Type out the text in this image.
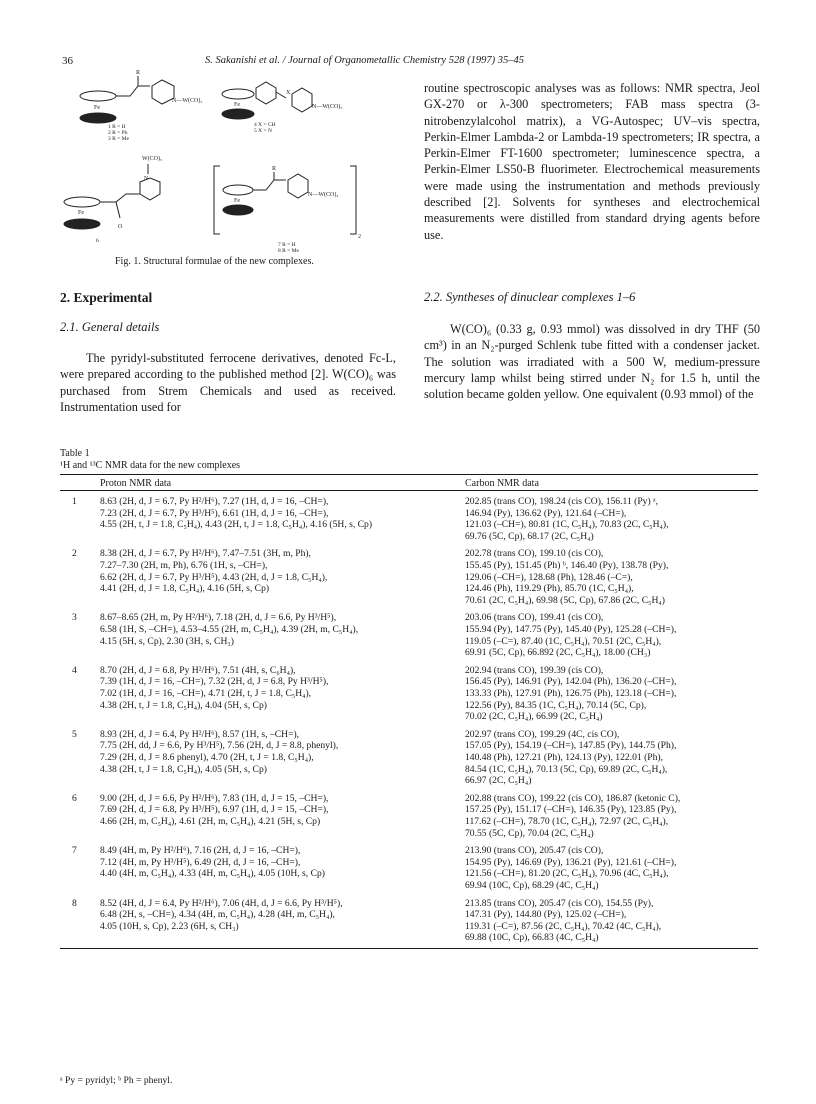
36	S. Sakanishi et al. / Journal of Organometallic Chemistry 528 (1997) 35–45
N—W(CO)₅
Fe
R
1 R = H
2 R = Ph
3 R = Me
X
N—W(CO)₅
Fe
4 X = CH
5 X = N
W(CO)₅
N
O
Fe
6
R
N—W(CO)₄
Fe
2
7 R = H
8 R = Me
Fig. 1. Structural formulae of the new complexes.

routine spectroscopic analyses was as follows: NMR spectra, Jeol GX-270 or λ-300 spectrometers; FAB mass spectra (3-nitrobenzylalcohol matrix), a VG-Autospec; UV–vis spectra, Perkin-Elmer Lambda-2 or Lambda-19 spectrometers; IR spectra, a Perkin-Elmer FT-1600 spectrometer; luminescence spectra, a Perkin-Elmer LS50-B fluorimeter. Electrochemical measurements were made using the instrumentation and methods previously described [2]. Solvents for syntheses and electrochemical measurements were distilled from standard drying agents before use.

2. Experimental
2.1. General details
2.2. Syntheses of dinuclear complexes 1–6

The pyridyl-substituted ferrocene derivatives, denoted Fc-L, were prepared according to the published method [2]. W(CO)₆ was purchased from Strem Chemicals and used as received. Instrumentation used for

W(CO)₆ (0.33 g, 0.93 mmol) was dissolved in dry THF (50 cm³) in an N₂-purged Schlenk tube fitted with a condenser jacket. The solution was irradiated with a 500 W, medium-pressure mercury lamp whilst being stirred under N₂ for 1.5 h, until the solution became golden yellow. One equivalent (0.93 mmol) of the

Table 1
¹H and ¹³C NMR data for the new complexes
Proton NMR data	Carbon NMR data
1 8.63 (2H, d, J = 6.7, Py H²/H⁶), 7.27 (1H, d, J = 16, –CH=),
7.23 (2H, d, J = 6.7, Py H³/H⁵), 6.61 (1H, d, J = 16, –CH=),
4.55 (2H, t, J = 1.8, C₅H₄), 4.43 (2H, t, J = 1.8, C₅H₄), 4.16 (5H, s, Cp)
202.85 (trans CO), 198.24 (cis CO), 156.11 (Py) ᵃ,
146.94 (Py), 136.62 (Py), 121.64 (–CH=),
121.03 (–CH=), 80.81 (1C, C₅H₄), 70.83 (2C, C₅H₄),
69.76 (5C, Cp), 68.17 (2C, C₅H₄)
2 8.38 (2H, d, J = 6.7, Py H²/H⁶), 7.47–7.51 (3H, m, Ph),
7.27–7.30 (2H, m, Ph), 6.76 (1H, s, –CH=),
6.62 (2H, d, J = 6.7, Py H³/H⁵), 4.43 (2H, d, J = 1.8, C₅H₄),
4.41 (2H, d, J = 1.8, C₅H₄), 4.16 (5H, s, Cp)
202.78 (trans CO), 199.10 (cis CO),
155.45 (Py), 151.45 (Ph) ᵇ, 146.40 (Py), 138.78 (Py),
129.06 (–CH=), 128.68 (Ph), 128.46 (–C=),
124.46 (Ph), 119.29 (Ph), 85.70 (1C, C₅H₄),
70.61 (2C, C₅H₄), 69.98 (5C, Cp), 67.86 (2C, C₅H₄)
3 8.67–8.65 (2H, m, Py H²/H⁶), 7.18 (2H, d, J = 6.6, Py H³/H⁵),
6.58 (1H, S, –CH=), 4.53–4.55 (2H, m, C₅H₄), 4.39 (2H, m, C₅H₄),
4.15 (5H, s, Cp), 2.30 (3H, s, CH₃)
203.06 (trans CO), 199.41 (cis CO),
155.94 (Py), 147.75 (Py), 145.40 (Py), 125.28 (–CH=),
119.05 (–C=), 87.40 (1C, C₅H₄), 70.51 (2C, C₅H₄),
69.91 (5C, Cp), 66.892 (2C, C₅H₄), 18.00 (CH₃)
4 8.70 (2H, d, J = 6.8, Py H²/H⁶), 7.51 (4H, s, C₆H₄),
7.39 (1H, d, J = 16, –CH=), 7.32 (2H, d, J = 6.8, Py H³/H⁵),
7.02 (1H, d, J = 16, –CH=), 4.71 (2H, t, J = 1.8, C₅H₄),
4.38 (2H, t, J = 1.8, C₅H₄), 4.04 (5H, s, Cp)
202.94 (trans CO), 199.39 (cis CO),
156.45 (Py), 146.91 (Py), 142.04 (Ph), 136.20 (–CH=),
133.33 (Ph), 127.91 (Ph), 126.75 (Ph), 123.18 (–CH=),
122.56 (Py), 84.35 (1C, C₅H₄), 70.14 (5C, Cp),
70.02 (2C, C₅H₄), 66.99 (2C, C₅H₄)
5 8.93 (2H, d, J = 6.4, Py H²/H⁶), 8.57 (1H, s, –CH=),
7.75 (2H, dd, J = 6.6, Py H³/H⁵), 7.56 (2H, d, J = 8.8, phenyl),
7.29 (2H, d, J = 8.6 phenyl), 4.70 (2H, t, J = 1.8, C₅H₄),
4.38 (2H, t, J = 1.8, C₅H₄), 4.05 (5H, s, Cp)
202.97 (trans CO), 199.29 (4C, cis CO),
157.05 (Py), 154.19 (–CH=), 147.85 (Py), 144.75 (Ph),
140.48 (Ph), 127.21 (Ph), 124.13 (Py), 122.01 (Ph),
84.54 (1C, C₅H₄), 70.13 (5C, Cp), 69.89 (2C, C₅H₄),
66.97 (2C, C₅H₄)
6 9.00 (2H, d, J = 6.6, Py H²/H⁶), 7.83 (1H, d, J = 15, –CH=),
7.69 (2H, d, J = 6.8, Py H³/H⁵), 6.97 (1H, d, J = 15, –CH=),
4.66 (2H, m, C₅H₄), 4.61 (2H, m, C₅H₄), 4.21 (5H, s, Cp)
202.88 (trans CO), 199.22 (cis CO), 186.87 (ketonic C),
157.25 (Py), 151.17 (–CH=), 146.35 (Py), 123.85 (Py),
117.62 (–CH=), 78.70 (1C, C₅H₄), 72.97 (2C, C₅H₄),
70.55 (5C, Cp), 70.04 (2C, C₅H₄)
7 8.49 (4H, m, Py H²/H⁶), 7.16 (2H, d, J = 16, –CH=),
7.12 (4H, m, Py H³/H⁵), 6.49 (2H, d, J = 16, –CH=),
4.40 (4H, m, C₅H₄), 4.33 (4H, m, C₅H₄), 4.05 (10H, s, Cp)
213.90 (trans CO), 205.47 (cis CO),
154.95 (Py), 146.69 (Py), 136.21 (Py), 121.61 (–CH=),
121.56 (–CH=), 81.20 (2C, C₅H₄), 70.96 (4C, C₅H₄),
69.94 (10C, Cp), 68.29 (4C, C₅H₄)
8 8.52 (4H, d, J = 6.4, Py H²/H⁶), 7.06 (4H, d, J = 6.6, Py H³/H⁵),
6.48 (2H, s, –CH=), 4.34 (4H, m, C₅H₄), 4.28 (4H, m, C₅H₄),
4.05 (10H, s, Cp), 2.23 (6H, s, CH₃)
213.85 (trans CO), 205.47 (cis CO), 154.55 (Py),
147.31 (Py), 144.80 (Py), 125.02 (–CH=),
119.31 (–C=), 87.56 (2C, C₅H₄), 70.42 (4C, C₅H₄),
69.88 (10C, Cp), 66.83 (4C, C₅H₄)
ᵃ Py = pyridyl; ᵇ Ph = phenyl.
